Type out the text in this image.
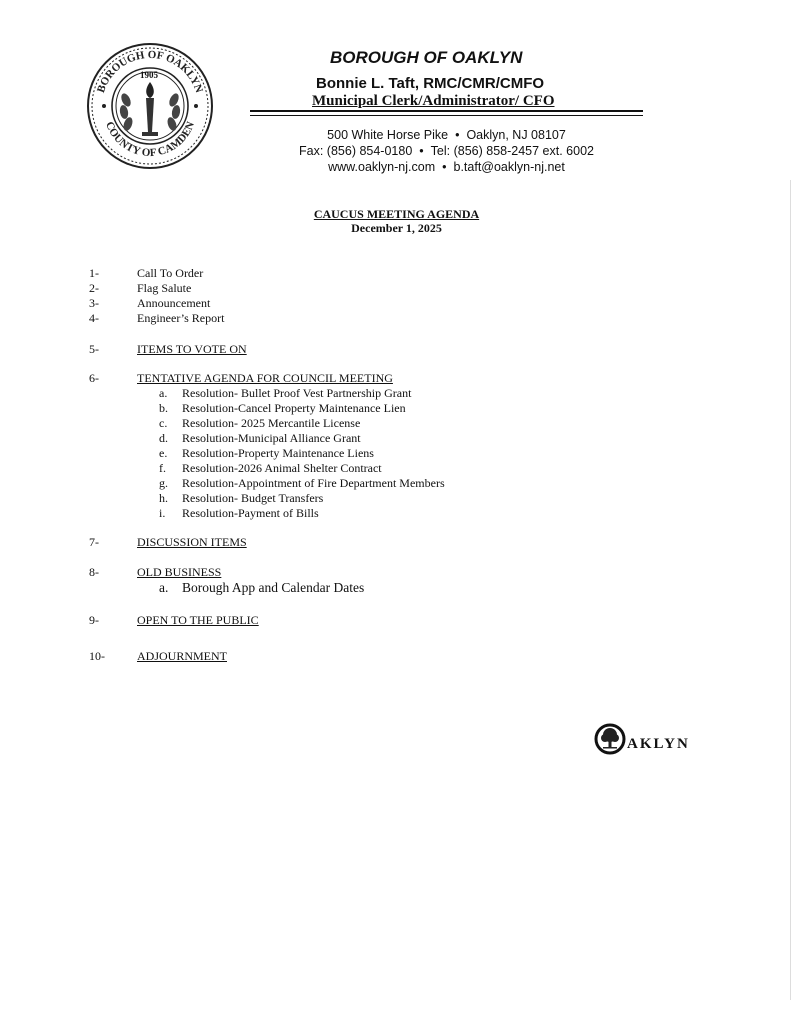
BOROUGH OF OAKLYN
COUNTY OF CAMDEN
1905
BOROUGH OF OAKLYN
Bonnie L. Taft, RMC/CMR/CMFO
Municipal Clerk/Administrator/ CFO
500 White Horse Pike • Oaklyn, NJ 08107
Fax: (856) 854-0180 • Tel: (856) 858-2457 ext. 6002
www.oaklyn-nj.com • b.taft@oaklyn-nj.net
CAUCUS MEETING AGENDA
December 1, 2025
1-	Call To Order
2-	Flag Salute
3-	Announcement
4-	Engineer’s Report
5-	ITEMS TO VOTE ON
6-	TENTATIVE AGENDA FOR COUNCIL MEETING
a. Resolution- Bullet Proof Vest Partnership Grant
b. Resolution-Cancel Property Maintenance Lien
c. Resolution- 2025 Mercantile License
d. Resolution-Municipal Alliance Grant
e. Resolution-Property Maintenance Liens
f. Resolution-2026 Animal Shelter Contract
g. Resolution-Appointment of Fire Department Members
h. Resolution- Budget Transfers
i. Resolution-Payment of Bills
7-	DISCUSSION ITEMS
8-	OLD BUSINESS
a. Borough App and Calendar Dates
9-	OPEN TO THE PUBLIC
10-	ADJOURNMENT
AKLYN
